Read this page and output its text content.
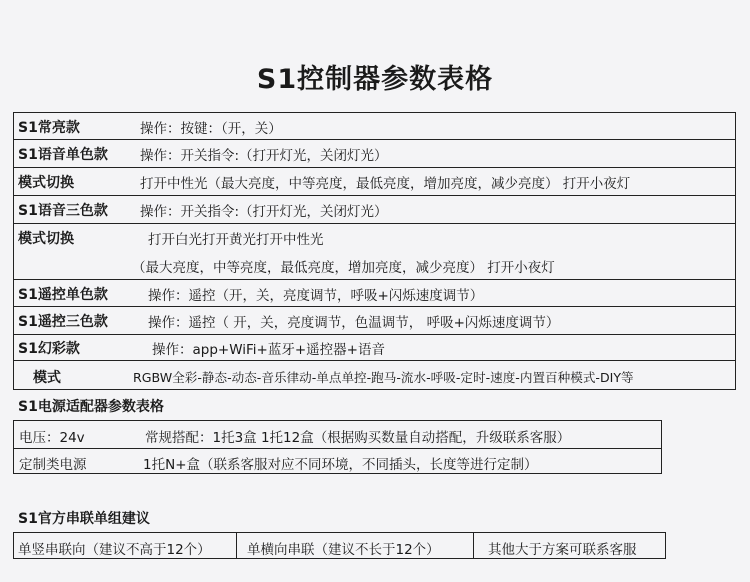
S1控制器参数表格
S1常亮款	操作：按键：（开，关）
S1语音单色款 操作：开关指令:（打开灯光，关闭灯光）
模式切换	打开中性光（最大亮度，中等亮度，最低亮度，增加亮度，减少亮度） 打开小夜灯
S1语音三色款 操作：开关指令:（打开灯光，关闭灯光）
模式切换	打开白光打开黄光打开中性光
（最大亮度，中等亮度，最低亮度，增加亮度，减少亮度） 打开小夜灯
S1遥控单色款	操作：遥控（开，关，亮度调节，呼吸+闪烁速度调节）
S1遥控三色款	操作：遥控（ 开，关，亮度调节，色温调节， 呼吸+闪烁速度调节）
S1幻彩款	操作：app+WiFi+蓝牙+遥控器+语音
模式	RGBW全彩-静态-动态-音乐律动-单点单控-跑马-流水-呼吸-定时-速度-内置百种模式-DIY等
S1电源适配器参数表格
电压：24v	常规搭配：1托3盒 1托12盒（根据购买数量自动搭配，升级联系客服）
定制类电源	1托N+盒（联系客服对应不同环境，不同插头，长度等进行定制）
S1官方串联单组建议
单竖串联向（建议不高于12个）	单横向串联（建议不长于12个）	其他大于方案可联系客服
